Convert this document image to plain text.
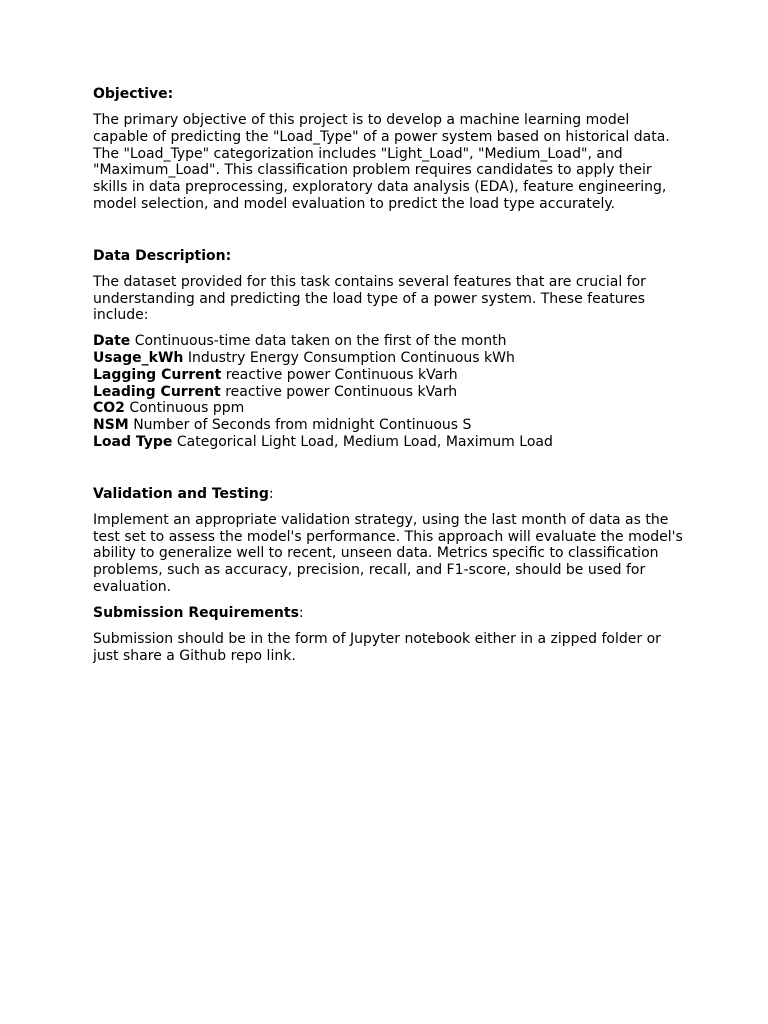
Objective:

The primary objective of this project is to develop a machine learning model capable of predicting the "Load_Type" of a power system based on historical data. The "Load_Type" categorization includes "Light_Load", "Medium_Load", and "Maximum_Load". This classification problem requires candidates to apply their skills in data preprocessing, exploratory data analysis (EDA), feature engineering, model selection, and model evaluation to predict the load type accurately.

Data Description:

The dataset provided for this task contains several features that are crucial for understanding and predicting the load type of a power system. These features include:

Date Continuous-time data taken on the first of the month
Usage_kWh Industry Energy Consumption Continuous kWh
Lagging Current reactive power Continuous kVarh
Leading Current reactive power Continuous kVarh
CO2 Continuous ppm
NSM Number of Seconds from midnight Continuous S
Load Type Categorical Light Load, Medium Load, Maximum Load

Validation and Testing:

Implement an appropriate validation strategy, using the last month of data as the test set to assess the model's performance. This approach will evaluate the model's ability to generalize well to recent, unseen data. Metrics specific to classification problems, such as accuracy, precision, recall, and F1-score, should be used for evaluation.

Submission Requirements:

Submission should be in the form of Jupyter notebook either in a zipped folder or just share a Github repo link.
